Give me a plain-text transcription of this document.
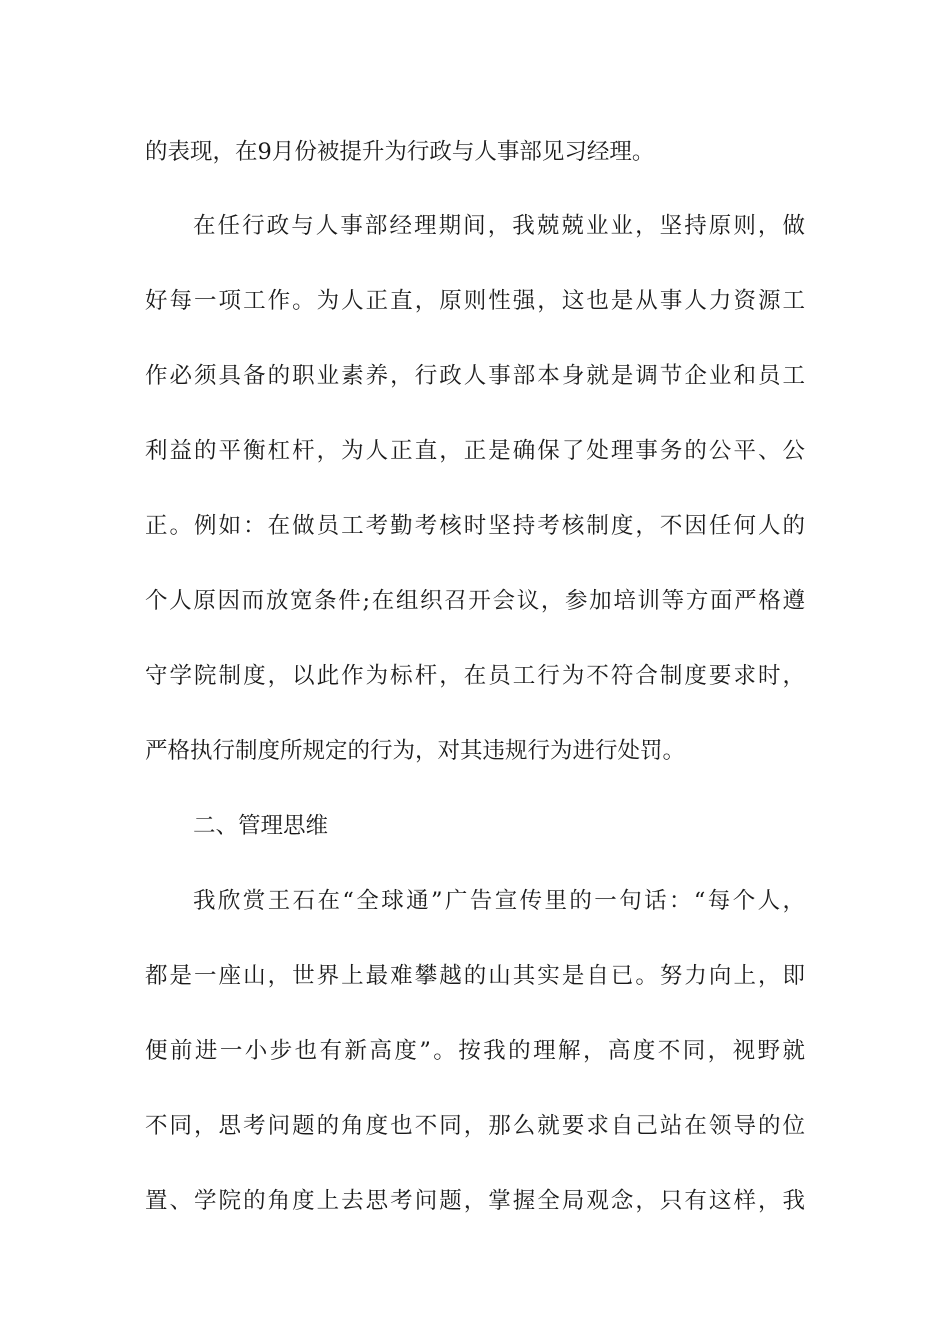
的表现，在9月份被提升为行政与人事部见习经理。
在任行政与人事部经理期间，我兢兢业业，坚持原则，做
好每一项工作。为人正直，原则性强，这也是从事人力资源工
作必须具备的职业素养，行政人事部本身就是调节企业和员工
利益的平衡杠杆，为人正直，正是确保了处理事务的公平、公
正。例如：在做员工考勤考核时坚持考核制度，不因任何人的
个人原因而放宽条件;在组织召开会议，参加培训等方面严格遵
守学院制度，以此作为标杆，在员工行为不符合制度要求时，
严格执行制度所规定的行为，对其违规行为进行处罚。
二、管理思维
我欣赏王石在“全球通”广告宣传里的一句话：“每个人，
都是一座山，世界上最难攀越的山其实是自已。努力向上，即
便前进一小步也有新高度”。按我的理解，高度不同，视野就
不同，思考问题的角度也不同，那么就要求自己站在领导的位
置、学院的角度上去思考问题，掌握全局观念，只有这样，我
